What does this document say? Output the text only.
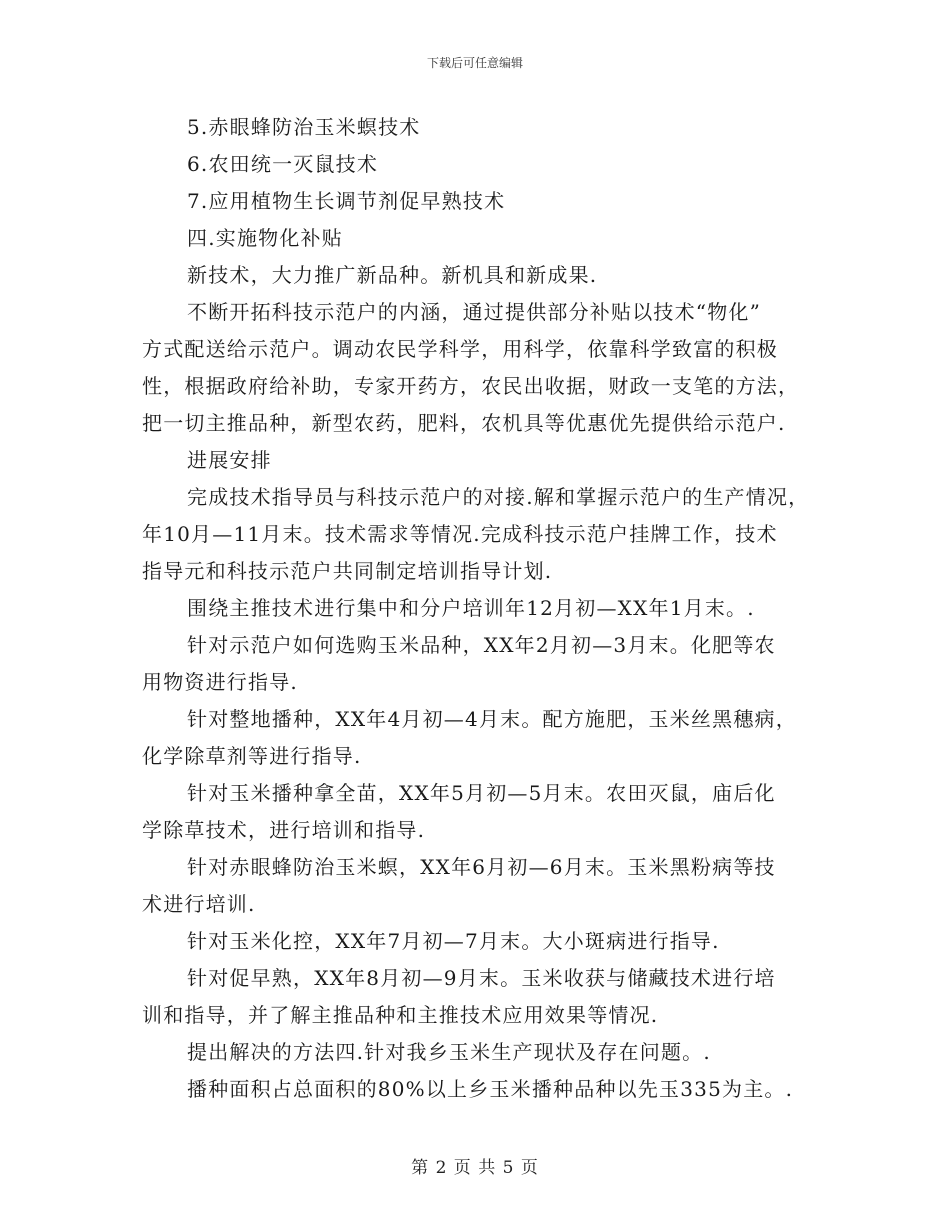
下载后可任意编辑
5.赤眼蜂防治玉米螟技术
6.农田统一灭鼠技术
7.应用植物生长调节剂促早熟技术
四.实施物化补贴
新技术，大力推广新品种。新机具和新成果.
不断开拓科技示范户的内涵，通过提供部分补贴以技术“物化”
方式配送给示范户。调动农民学科学，用科学，依靠科学致富的积极
性，根据政府给补助，专家开药方，农民出收据，财政一支笔的方法，
把一切主推品种，新型农药，肥料，农机具等优惠优先提供给示范户.
进展安排
完成技术指导员与科技示范户的对接.解和掌握示范户的生产情况，
年10月—11月末。技术需求等情况.完成科技示范户挂牌工作，技术
指导元和科技示范户共同制定培训指导计划.
围绕主推技术进行集中和分户培训年12月初—XX年1月末。.
针对示范户如何选购玉米品种，XX年2月初—3月末。化肥等农
用物资进行指导.
针对整地播种，XX年4月初—4月末。配方施肥，玉米丝黑穗病，
化学除草剂等进行指导.
针对玉米播种拿全苗，XX年5月初—5月末。农田灭鼠，庙后化
学除草技术，进行培训和指导.
针对赤眼蜂防治玉米螟，XX年6月初—6月末。玉米黑粉病等技
术进行培训.
针对玉米化控，XX年7月初—7月末。大小斑病进行指导.
针对促早熟，XX年8月初—9月末。玉米收获与储藏技术进行培
训和指导，并了解主推品种和主推技术应用效果等情况.
提出解决的方法四.针对我乡玉米生产现状及存在问题。.
播种面积占总面积的80%以上乡玉米播种品种以先玉335为主。.
第 2 页 共 5 页
